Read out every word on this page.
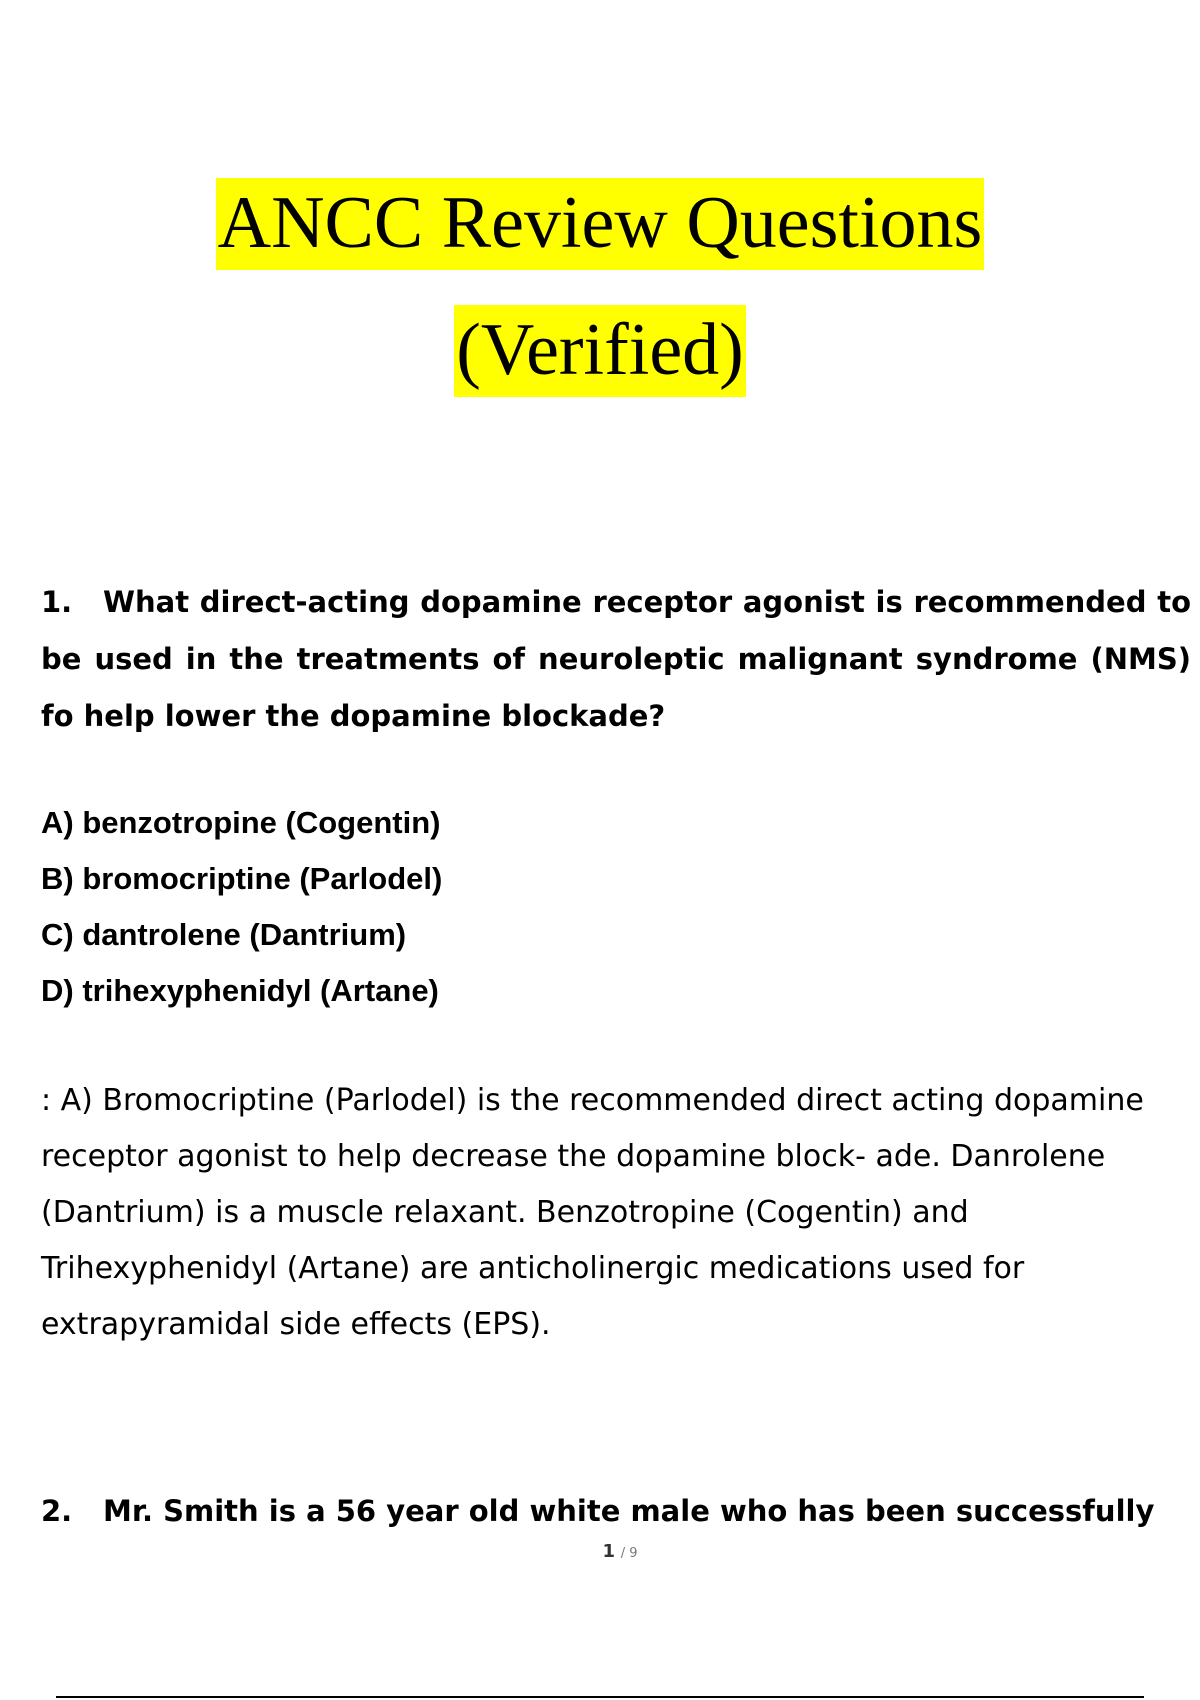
ANCC Review Questions
(Verified)
1. What direct-acting dopamine receptor agonist is recommended to be used in the treatments of neuroleptic malignant syndrome (NMS) fo help lower the dopamine blockade?
A) benzotropine (Cogentin)
B) bromocriptine (Parlodel)
C) dantrolene (Dantrium)
D) trihexyphenidyl (Artane)
: A) Bromocriptine (Parlodel) is the recommended direct acting dopamine receptor agonist to help decrease the dopamine block- ade. Danrolene (Dantrium) is a muscle relaxant. Benzotropine (Cogentin) and Trihexyphenidyl (Artane) are anticholinergic medications used for extrapyramidal side effects (EPS).
2. Mr. Smith is a 56 year old white male who has been successfully
1 / 9
